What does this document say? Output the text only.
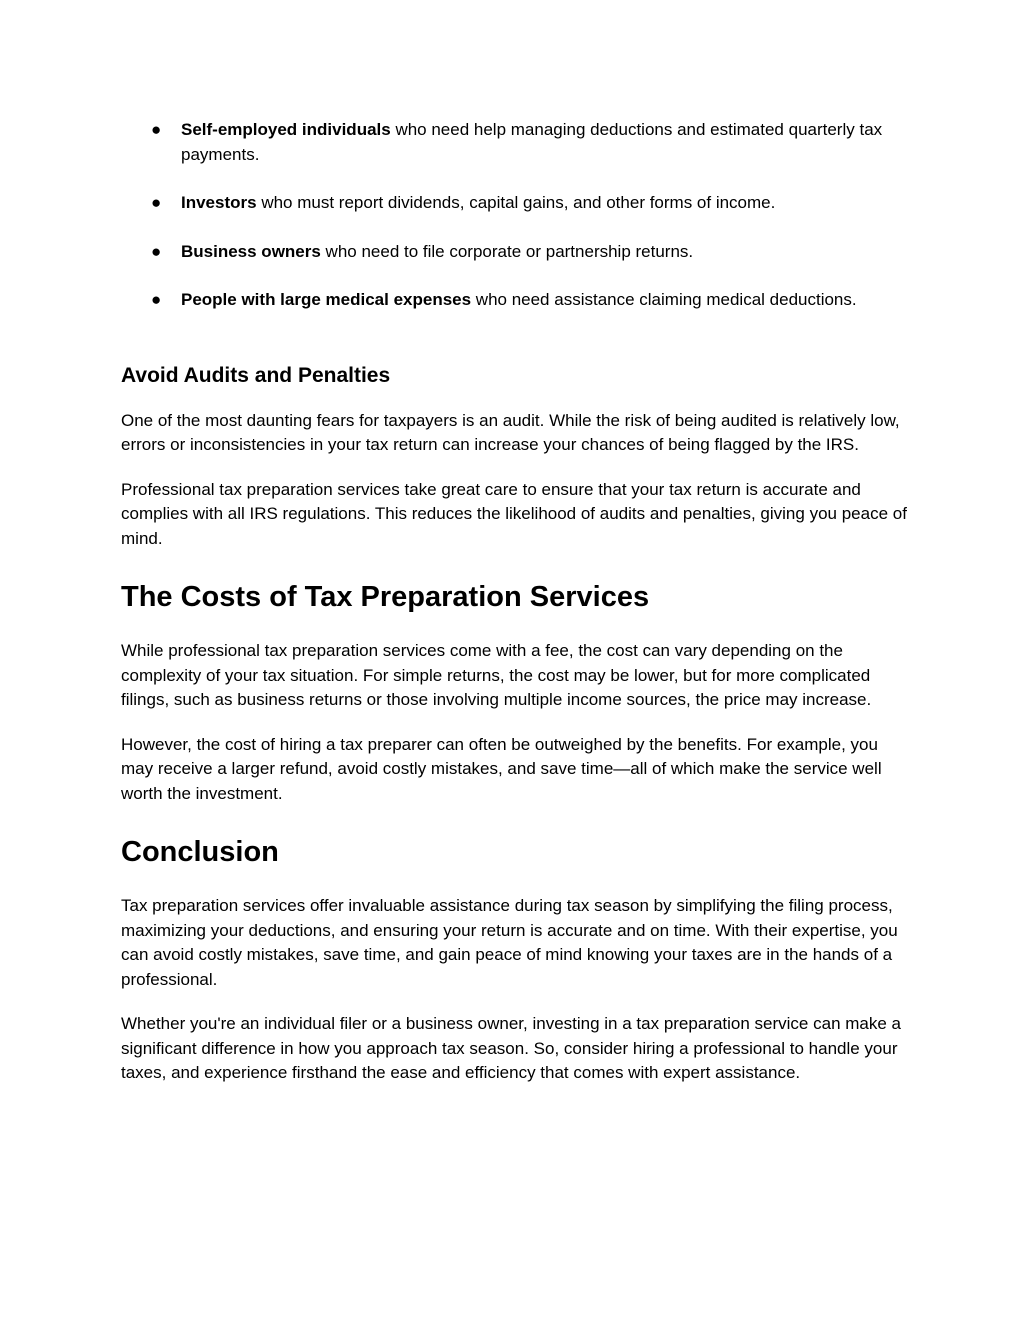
● Self-employed individuals who need help managing deductions and estimated quarterly tax payments.
● Investors who must report dividends, capital gains, and other forms of income.
● Business owners who need to file corporate or partnership returns.
● People with large medical expenses who need assistance claiming medical deductions.
Avoid Audits and Penalties

One of the most daunting fears for taxpayers is an audit. While the risk of being audited is relatively low, errors or inconsistencies in your tax return can increase your chances of being flagged by the IRS.

Professional tax preparation services take great care to ensure that your tax return is accurate and complies with all IRS regulations. This reduces the likelihood of audits and penalties, giving you peace of mind.

The Costs of Tax Preparation Services

While professional tax preparation services come with a fee, the cost can vary depending on the complexity of your tax situation. For simple returns, the cost may be lower, but for more complicated filings, such as business returns or those involving multiple income sources, the price may increase.

However, the cost of hiring a tax preparer can often be outweighed by the benefits. For example, you may receive a larger refund, avoid costly mistakes, and save time—all of which make the service well worth the investment.

Conclusion

Tax preparation services offer invaluable assistance during tax season by simplifying the filing process, maximizing your deductions, and ensuring your return is accurate and on time. With their expertise, you can avoid costly mistakes, save time, and gain peace of mind knowing your taxes are in the hands of a professional.

Whether you're an individual filer or a business owner, investing in a tax preparation service can make a significant difference in how you approach tax season. So, consider hiring a professional to handle your taxes, and experience firsthand the ease and efficiency that comes with expert assistance.
